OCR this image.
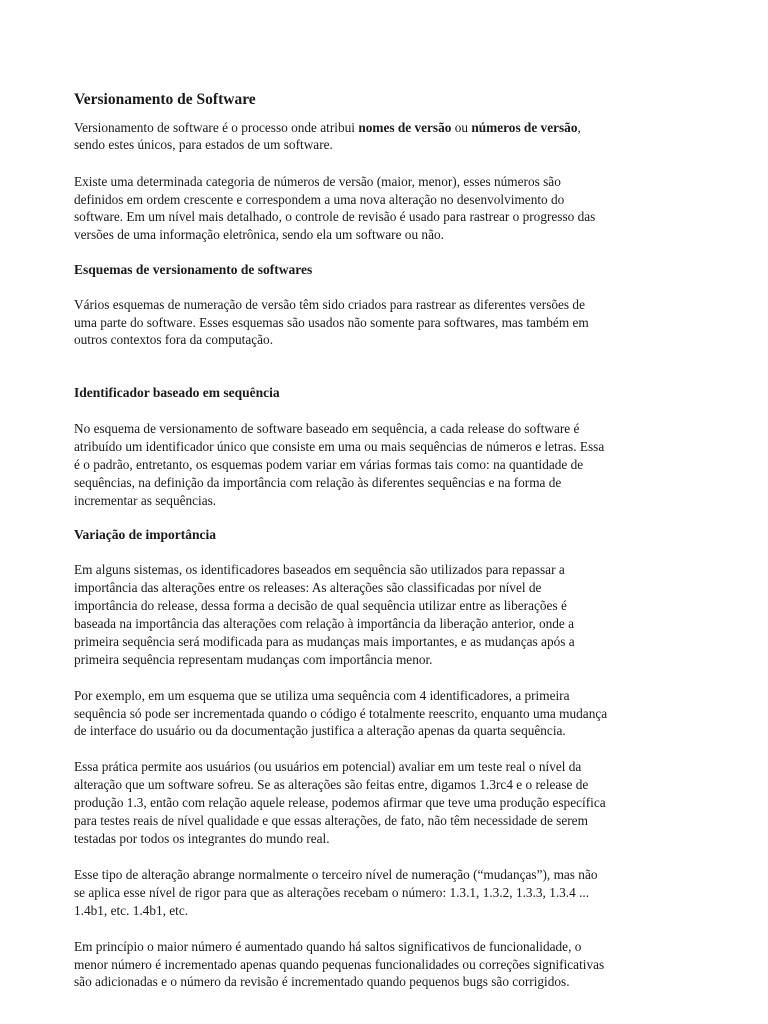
Versionamento de Software
Versionamento de software é o processo onde atribui nomes de versão ou números de versão,
sendo estes únicos, para estados de um software.
Existe uma determinada categoria de números de versão (maior, menor), esses números são
definidos em ordem crescente e correspondem a uma nova alteração no desenvolvimento do
software. Em um nível mais detalhado, o controle de revisão é usado para rastrear o progresso das
versões de uma informação eletrônica, sendo ela um software ou não.
Esquemas de versionamento de softwares
Vários esquemas de numeração de versão têm sido criados para rastrear as diferentes versões de
uma parte do software. Esses esquemas são usados não somente para softwares, mas também em
outros contextos fora da computação.
Identificador baseado em sequência
No esquema de versionamento de software baseado em sequência, a cada release do software é
atribuído um identificador único que consiste em uma ou mais sequências de números e letras. Essa
é o padrão, entretanto, os esquemas podem variar em várias formas tais como: na quantidade de
sequências, na definição da importância com relação às diferentes sequências e na forma de
incrementar as sequências.
Variação de importância
Em alguns sistemas, os identificadores baseados em sequência são utilizados para repassar a
importância das alterações entre os releases: As alterações são classificadas por nível de
importância do release, dessa forma a decisão de qual sequência utilizar entre as liberações é
baseada na importância das alterações com relação à importância da liberação anterior, onde a
primeira sequência será modificada para as mudanças mais importantes, e as mudanças após a
primeira sequência representam mudanças com importância menor.
Por exemplo, em um esquema que se utiliza uma sequência com 4 identificadores, a primeira
sequência só pode ser incrementada quando o código é totalmente reescrito, enquanto uma mudança
de interface do usuário ou da documentação justifica a alteração apenas da quarta sequência.
Essa prática permite aos usuários (ou usuários em potencial) avaliar em um teste real o nível da
alteração que um software sofreu. Se as alterações são feitas entre, digamos 1.3rc4 e o release de
produção 1.3, então com relação aquele release, podemos afirmar que teve uma produção específica
para testes reais de nível qualidade e que essas alterações, de fato, não têm necessidade de serem
testadas por todos os integrantes do mundo real.
Esse tipo de alteração abrange normalmente o terceiro nível de numeração (“mudanças”), mas não
se aplica esse nível de rigor para que as alterações recebam o número: 1.3.1, 1.3.2, 1.3.3, 1.3.4 ...
1.4b1, etc. 1.4b1, etc.
Em princípio o maior número é aumentado quando há saltos significativos de funcionalidade, o
menor número é incrementado apenas quando pequenas funcionalidades ou correções significativas
são adicionadas e o número da revisão é incrementado quando pequenos bugs são corrigidos.
